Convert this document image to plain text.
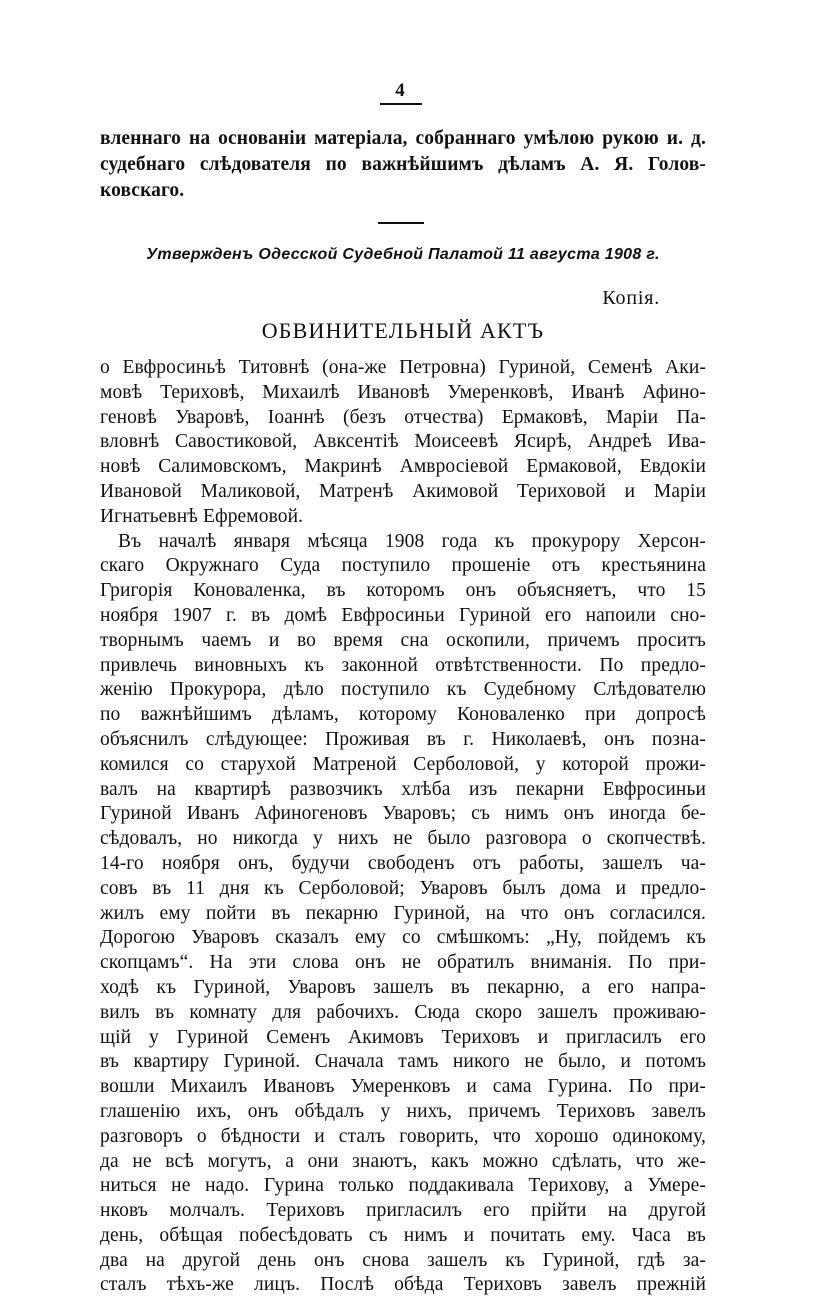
4
вленнаго на основаніи матеріала, собраннаго умѣлою рукою и. д.
судебнаго слѣдователя по важнѣйшимъ дѣламъ А. Я. Голов-
ковскаго.
Утвержденъ Одесской Судебной Палатой 11 августа 1908 г.
Копія.
ОБВИНИТЕЛЬНЫЙ АКТЪ
о Евфросиньѣ Титовнѣ (она-же Петровна) Гуриной, Семенѣ Аки-
мовѣ Териховѣ, Михаилѣ Ивановѣ Умеренковѣ, Иванѣ Афино-
геновѣ Уваровѣ, Іоаннѣ (безъ отчества) Ермаковѣ, Маріи Па-
вловнѣ Савостиковой, Авксентіѣ Моисеевѣ Ясирѣ, Андреѣ Ива-
новѣ Салимовскомъ, Макринѣ Амвросіевой Ермаковой, Евдокіи
Ивановой Маликовой, Матренѣ Акимовой Териховой и Маріи
Игнатьевнѣ Ефремовой.
Въ началѣ января мѣсяца 1908 года къ прокурору Херсон-
скаго Окружнаго Суда поступило прошеніе отъ крестьянина
Григорія Коноваленка, въ которомъ онъ объясняетъ, что 15
ноября 1907 г. въ домѣ Евфросиньи Гуриной его напоили сно-
творнымъ чаемъ и во время сна оскопили, причемъ проситъ
привлечь виновныхъ къ законной отвѣтственности. По предло-
женію Прокурора, дѣло поступило къ Судебному Слѣдователю
по важнѣйшимъ дѣламъ, которому Коноваленко при допросѣ
объяснилъ слѣдующее: Проживая въ г. Николаевѣ, онъ позна-
комился со старухой Матреной Серболовой, у которой прожи-
валъ на квартирѣ развозчикъ хлѣба изъ пекарни Евфросиньи
Гуриной Иванъ Афиногеновъ Уваровъ; съ нимъ онъ иногда бе-
сѣдовалъ, но никогда у нихъ не было разговора о скопчествѣ.
14-го ноября онъ, будучи свободенъ отъ работы, зашелъ ча-
совъ въ 11 дня къ Серболовой; Уваровъ былъ дома и предло-
жилъ ему пойти въ пекарню Гуриной, на что онъ согласился.
Дорогою Уваровъ сказалъ ему со смѣшкомъ: „Ну, пойдемъ къ
скопцамъ“. На эти слова онъ не обратилъ вниманія. По при-
ходѣ къ Гуриной, Уваровъ зашелъ въ пекарню, а его напра-
вилъ въ комнату для рабочихъ. Сюда скоро зашелъ проживаю-
щій у Гуриной Семенъ Акимовъ Териховъ и пригласилъ его
въ квартиру Гуриной. Сначала тамъ никого не было, и потомъ
вошли Михаилъ Ивановъ Умеренковъ и сама Гурина. По при-
глашенію ихъ, онъ обѣдалъ у нихъ, причемъ Териховъ завелъ
разговоръ о бѣдности и сталъ говорить, что хорошо одинокому,
да не всѣ могутъ, а они знаютъ, какъ можно сдѣлать, что же-
ниться не надо. Гурина только поддакивала Терихову, а Умере-
нковъ молчалъ. Териховъ пригласилъ его прійти на другой
день, обѣщая побесѣдовать съ нимъ и почитать ему. Часа въ
два на другой день онъ снова зашелъ къ Гуриной, гдѣ за-
сталъ тѣхъ-же лицъ. Послѣ обѣда Териховъ завелъ прежній
